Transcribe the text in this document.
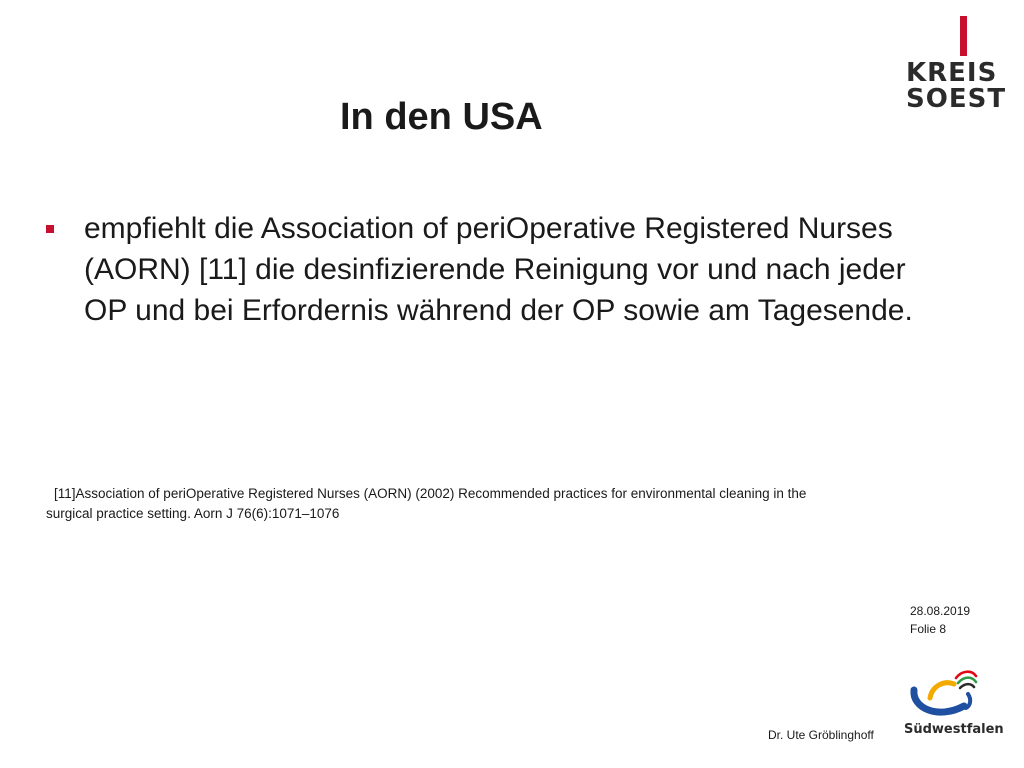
KREIS
SOEST
In den USA

empfiehlt die Association of periOperative Registered Nurses (AORN) [11] die desinfizierende Reinigung vor und nach jeder OP und bei Erfordernis während der OP sowie am Tagesende.

[11]Association of periOperative Registered Nurses (AORN) (2002) Recommended practices for environmental cleaning in the
surgical practice setting. Aorn J 76(6):1071–1076

28.08.2019
Folie 8
Südwestfalen
Dr. Ute Gröblinghoff
